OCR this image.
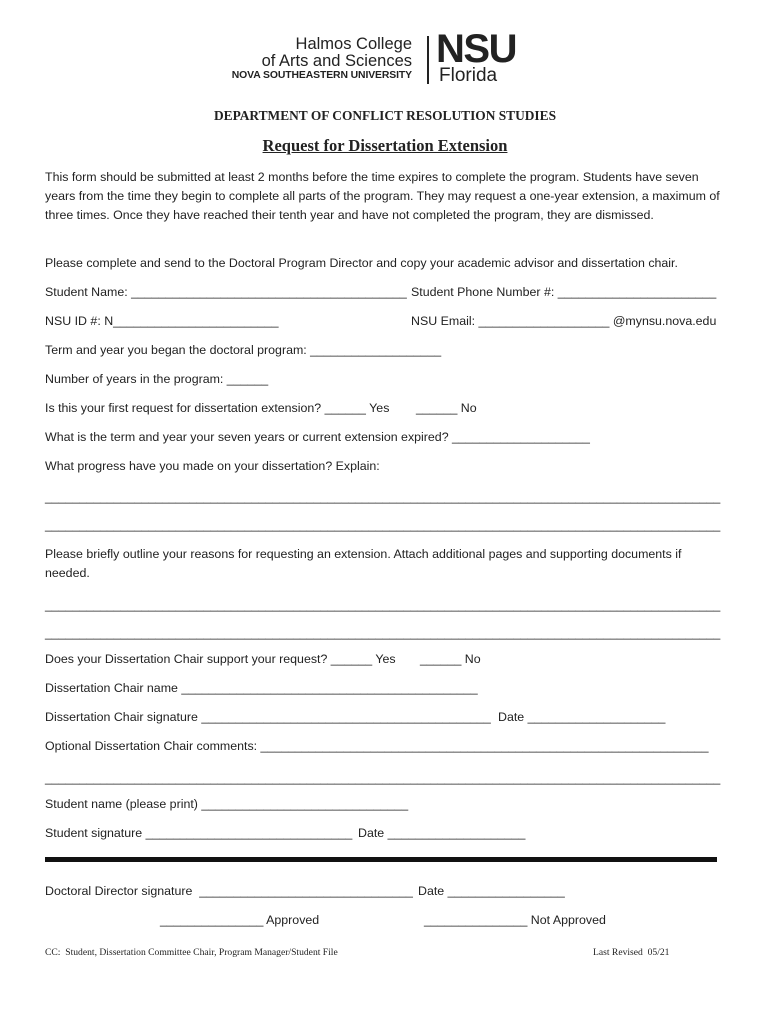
Halmos College
of Arts and Sciences
NOVA SOUTHEASTERN UNIVERSITY
NSU
Florida
DEPARTMENT OF CONFLICT RESOLUTION STUDIES
Request for Dissertation Extension
This form should be submitted at least 2 months before the time expires to complete the program. Students have seven years from the time they begin to complete all parts of the program. They may request a one-year extension, a maximum of three times. Once they have reached their tenth year and have not completed the program, they are dismissed.
Please complete and send to the Doctoral Program Director and copy your academic advisor and dissertation chair.
Student Name: ________________________________________ Student Phone Number #: _______________________
NSU ID #: N________________________	NSU Email: ___________________ @mynsu.nova.edu
Term and year you began the doctoral program: ___________________
Number of years in the program: ______
Is this your first request for dissertation extension? ______ Yes ______ No
What is the term and year your seven years or current extension expired? ____________________
What progress have you made on your dissertation? Explain:
__________________________________________________________________________________________________
__________________________________________________________________________________________________
Please briefly outline your reasons for requesting an extension. Attach additional pages and supporting documents if needed.
__________________________________________________________________________________________________
__________________________________________________________________________________________________
Does your Dissertation Chair support your request? ______ Yes ______ No
Dissertation Chair name ___________________________________________
Dissertation Chair signature __________________________________________ Date ____________________
Optional Dissertation Chair comments: _________________________________________________________________
__________________________________________________________________________________________________
Student name (please print) ______________________________
Student signature ______________________________ Date ____________________
Doctoral Director signature  _______________________________ Date _________________
_______________ Approved	_______________ Not Approved
CC:  Student, Dissertation Committee Chair, Program Manager/Student File	Last Revised  05/21
